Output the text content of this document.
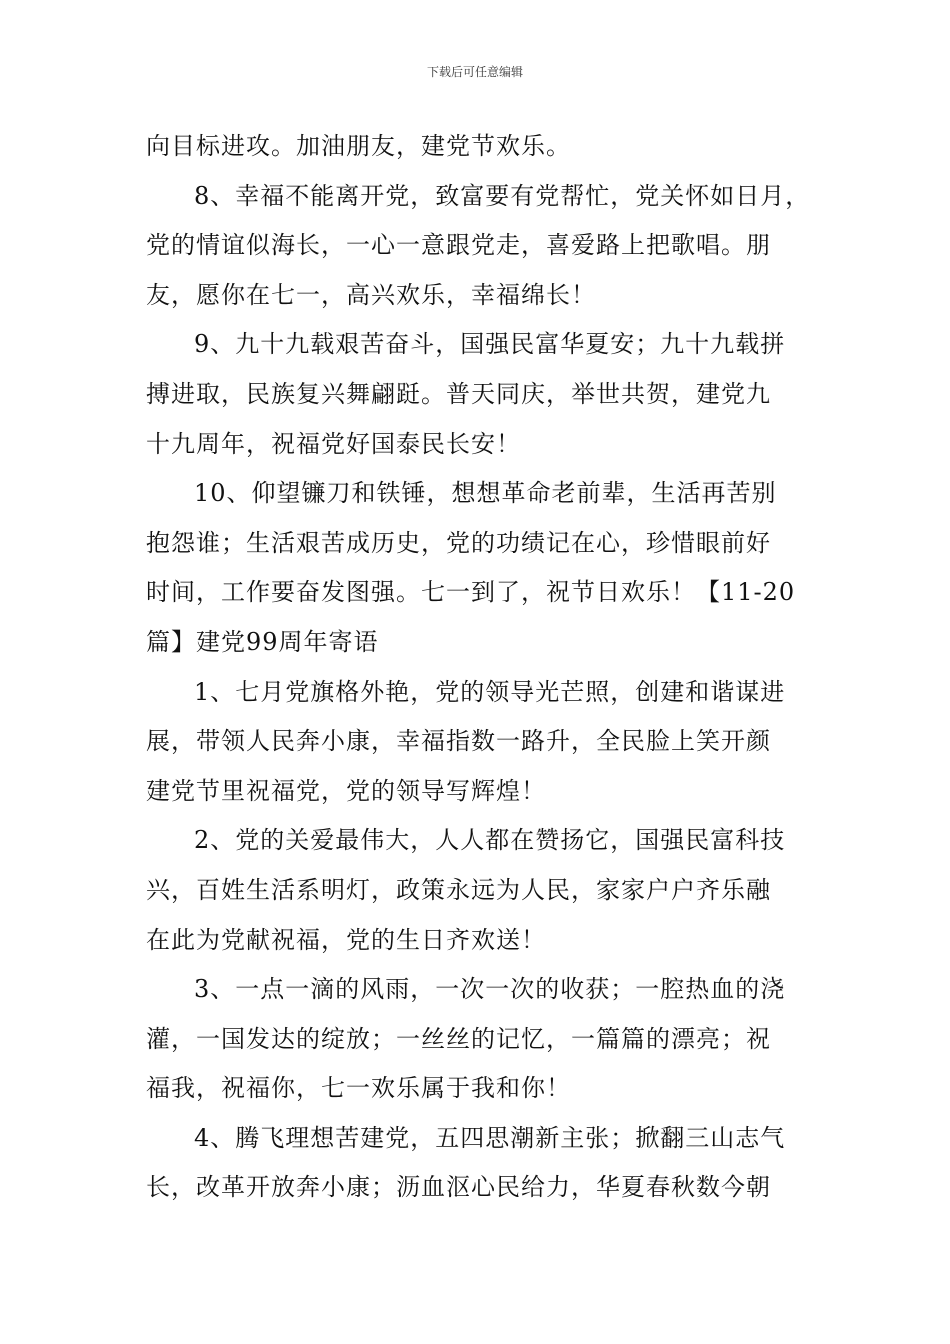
下载后可任意编辑
向目标进攻。加油朋友，建党节欢乐。
8、幸福不能离开党，致富要有党帮忙，党关怀如日月，
党的情谊似海长，一心一意跟党走，喜爱路上把歌唱。朋
友，愿你在七一，高兴欢乐，幸福绵长！
9、九十九载艰苦奋斗，国强民富华夏安；九十九载拼
搏进取，民族复兴舞翩跹。普天同庆，举世共贺，建党九
十九周年，祝福党好国泰民长安！
10、仰望镰刀和铁锤，想想革命老前辈，生活再苦别
抱怨谁；生活艰苦成历史，党的功绩记在心，珍惜眼前好
时间，工作要奋发图强。七一到了，祝节日欢乐！【11-20
篇】建党99周年寄语
1、七月党旗格外艳，党的领导光芒照，创建和谐谋进
展，带领人民奔小康，幸福指数一路升，全民脸上笑开颜
建党节里祝福党，党的领导写辉煌！
2、党的关爱最伟大，人人都在赞扬它，国强民富科技
兴，百姓生活系明灯，政策永远为人民，家家户户齐乐融
在此为党献祝福，党的生日齐欢送！
3、一点一滴的风雨，一次一次的收获；一腔热血的浇
灌，一国发达的绽放；一丝丝的记忆，一篇篇的漂亮；祝
福我，祝福你，七一欢乐属于我和你！
4、腾飞理想苦建党，五四思潮新主张；掀翻三山志气
长，改革开放奔小康；沥血沤心民给力，华夏春秋数今朝
